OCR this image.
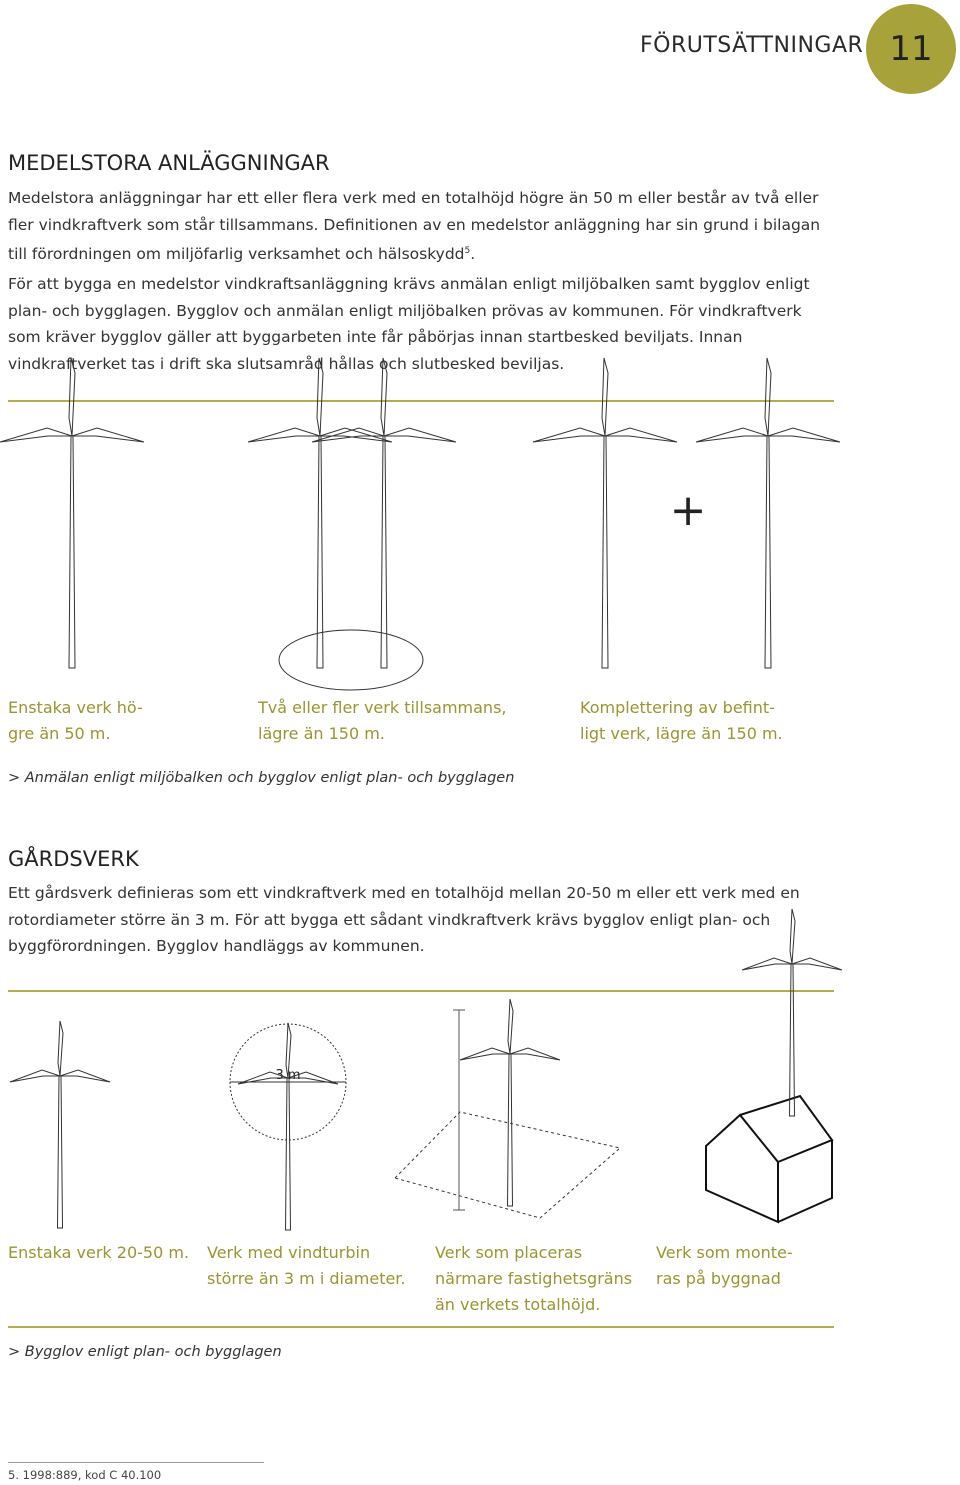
FÖRUTSÄTTNINGAR 11
MEDELSTORA ANLÄGGNINGAR

Medelstora anläggningar har ett eller flera verk med en totalhöjd högre än 50 m eller består av två eller fler vindkraftverk som står tillsammans. Definitionen av en medelstor anläggning har sin grund i bilagan till förordningen om miljöfarlig verksamhet och hälsoskydd$^5$.

För att bygga en medelstor vindkraftsanläggning krävs anmälan enligt miljöbalken samt bygglov enligt plan- och bygglagen. Bygglov och anmälan enligt miljöbalken prövas av kommunen. För vindkraftverk som kräver bygglov gäller att byggarbeten inte får påbörjas innan startbesked beviljats. Innan vindkraftverket tas i drift ska slutsamråd hållas och slutbesked beviljas.

+
Enstaka verk hö-
gre än 50 m.
Två eller fler verk tillsammans,
lägre än 150 m.
Komplettering av befint-
ligt verk, lägre än 150 m.
> Anmälan enligt miljöbalken och bygglov enligt plan- och bygglagen
GÅRDSVERK

Ett gårdsverk definieras som ett vindkraftverk med en totalhöjd mellan 20-50 m eller ett verk med en rotordiameter större än 3 m. För att bygga ett sådant vindkraftverk krävs bygglov enligt plan- och byggförordningen. Bygglov handläggs av kommunen.

3 m
Enstaka verk 20-50 m. Verk med vindturbin
större än 3 m i diameter.
Verk som placeras
närmare fastighetsgräns
än verkets totalhöjd.
Verk som monte-
ras på byggnad
> Bygglov enligt plan- och bygglagen
5. 1998:889, kod C 40.100
